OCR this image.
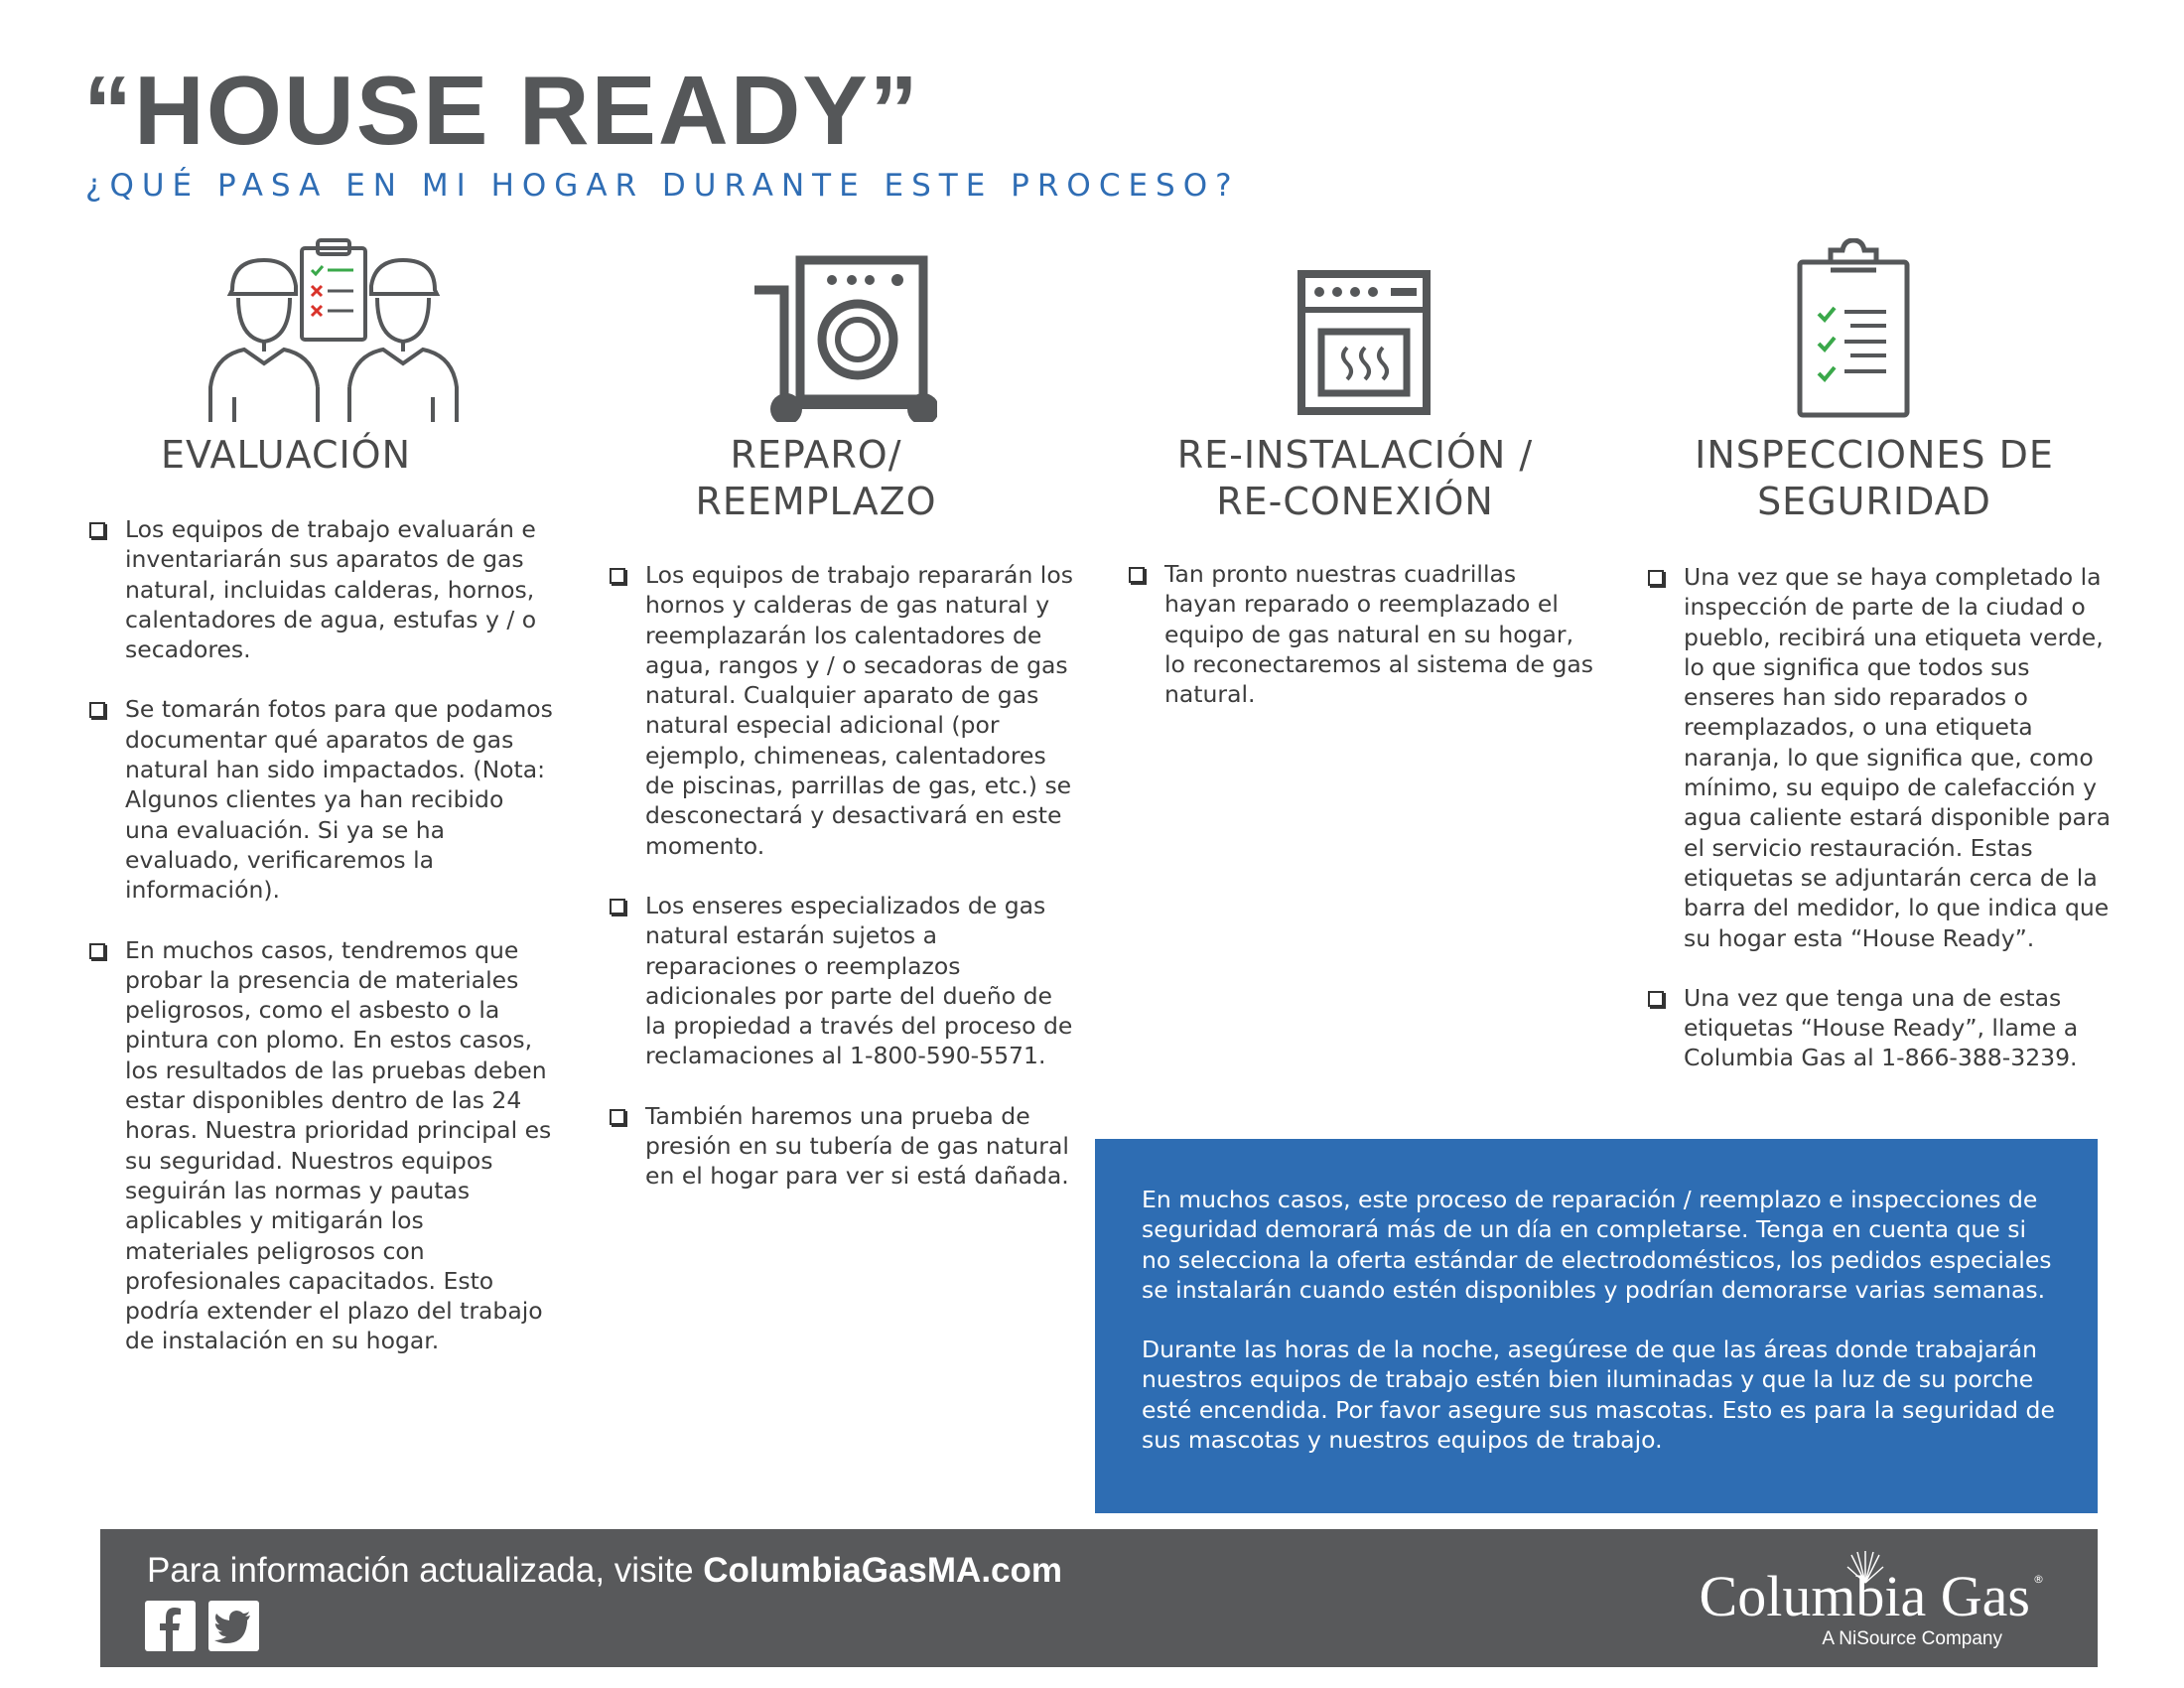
“HOUSE READY”
¿QUÉ PASA EN MI HOGAR DURANTE ESTE PROCESO?
EVALUACIÓN
Los equipos de trabajo evaluarán e inventariarán sus aparatos de gas natural, incluidas calderas, hornos, calentadores de agua, estufas y / o secadores.
Se tomarán fotos para que podamos documentar qué aparatos de gas natural han sido impactados. (Nota: Algunos clientes ya han recibido una evaluación. Si ya se ha evaluado, verificaremos la información).
En muchos casos, tendremos que probar la presencia de materiales peligrosos, como el asbesto o la pintura con plomo. En estos casos, los resultados de las pruebas deben estar disponibles dentro de las 24 horas. Nuestra prioridad principal es su seguridad. Nuestros equipos seguirán las normas y pautas aplicables y mitigarán los materiales peligrosos con profesionales capacitados. Esto podría extender el plazo del trabajo de instalación en su hogar.
REPARO/ REEMPLAZO
Los equipos de trabajo repararán los hornos y calderas de gas natural y reemplazarán los calentadores de agua, rangos y / o secadoras de gas natural. Cualquier aparato de gas natural especial adicional (por ejemplo, chimeneas, calentadores de piscinas, parrillas de gas, etc.) se desconectará y desactivará en este momento.
Los enseres especializados de gas natural estarán sujetos a reparaciones o reemplazos adicionales por parte del dueño de la propiedad a través del proceso de reclamaciones al 1-800-590-5571.
También haremos una prueba de presión en su tubería de gas natural en el hogar para ver si está dañada.
RE-INSTALACIÓN / RE-CONEXIÓN
Tan pronto nuestras cuadrillas hayan reparado o reemplazado el equipo de gas natural en su hogar, lo reconectaremos al sistema de gas natural.
INSPECCIONES DE SEGURIDAD
Una vez que se haya completado la inspección de parte de la ciudad o pueblo, recibirá una etiqueta verde, lo que significa que todos sus enseres han sido reparados o reemplazados, o una etiqueta naranja, lo que significa que, como mínimo, su equipo de calefacción y agua caliente estará disponible para el servicio restauración. Estas etiquetas se adjuntarán cerca de la barra del medidor, lo que indica que su hogar esta “House Ready”.
Una vez que tenga una de estas etiquetas “House Ready”, llame a Columbia Gas al 1-866-388-3239.

En muchos casos, este proceso de reparación / reemplazo e inspecciones de seguridad demorará más de un día en completarse. Tenga en cuenta que si no selecciona la oferta estándar de electrodomésticos, los pedidos especiales se instalarán cuando estén disponibles y podrían demorarse varias semanas.

Durante las horas de la noche, asegúrese de que las áreas donde trabajarán nuestros equipos de trabajo estén bien iluminadas y que la luz de su porche esté encendida. Por favor asegure sus mascotas. Esto es para la seguridad de sus mascotas y nuestros equipos de trabajo.

Para información actualizada, visite ColumbiaGasMA.com	Columbia Gas ®
A NiSource Company
